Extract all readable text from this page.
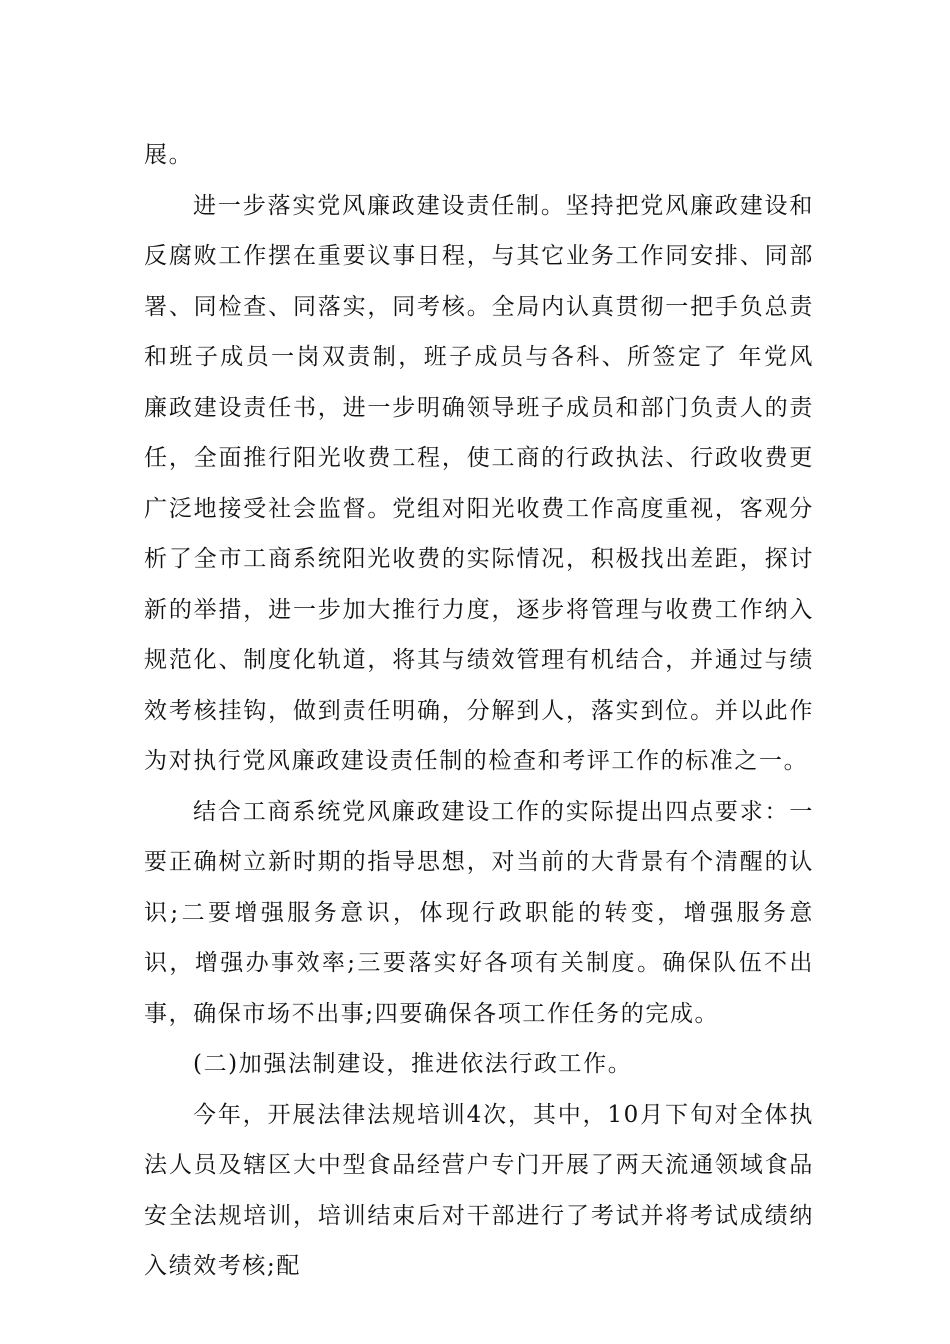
展。

进一步落实党风廉政建设责任制。坚持把党风廉政建设和反腐败工作摆在重要议事日程，与其它业务工作同安排、同部署、同检查、同落实，同考核。全局内认真贯彻一把手负总责和班子成员一岗双责制，班子成员与各科、所签定了 年党风廉政建设责任书，进一步明确领导班子成员和部门负责人的责任，全面推行阳光收费工程，使工商的行政执法、行政收费更广泛地接受社会监督。党组对阳光收费工作高度重视，客观分析了全市工商系统阳光收费的实际情况，积极找出差距，探讨新的举措，进一步加大推行力度，逐步将管理与收费工作纳入规范化、制度化轨道，将其与绩效管理有机结合，并通过与绩效考核挂钩，做到责任明确，分解到人，落实到位。并以此作为对执行党风廉政建设责任制的检查和考评工作的标准之一。

结合工商系统党风廉政建设工作的实际提出四点要求：一要正确树立新时期的指导思想，对当前的大背景有个清醒的认识;二要增强服务意识，体现行政职能的转变，增强服务意识，增强办事效率;三要落实好各项有关制度。确保队伍不出事，确保市场不出事;四要确保各项工作任务的完成。

(二)加强法制建设，推进依法行政工作。

今年，开展法律法规培训4次，其中，10月下旬对全体执法人员及辖区大中型食品经营户专门开展了两天流通领域食品安全法规培训，培训结束后对干部进行了考试并将考试成绩纳入绩效考核;配
